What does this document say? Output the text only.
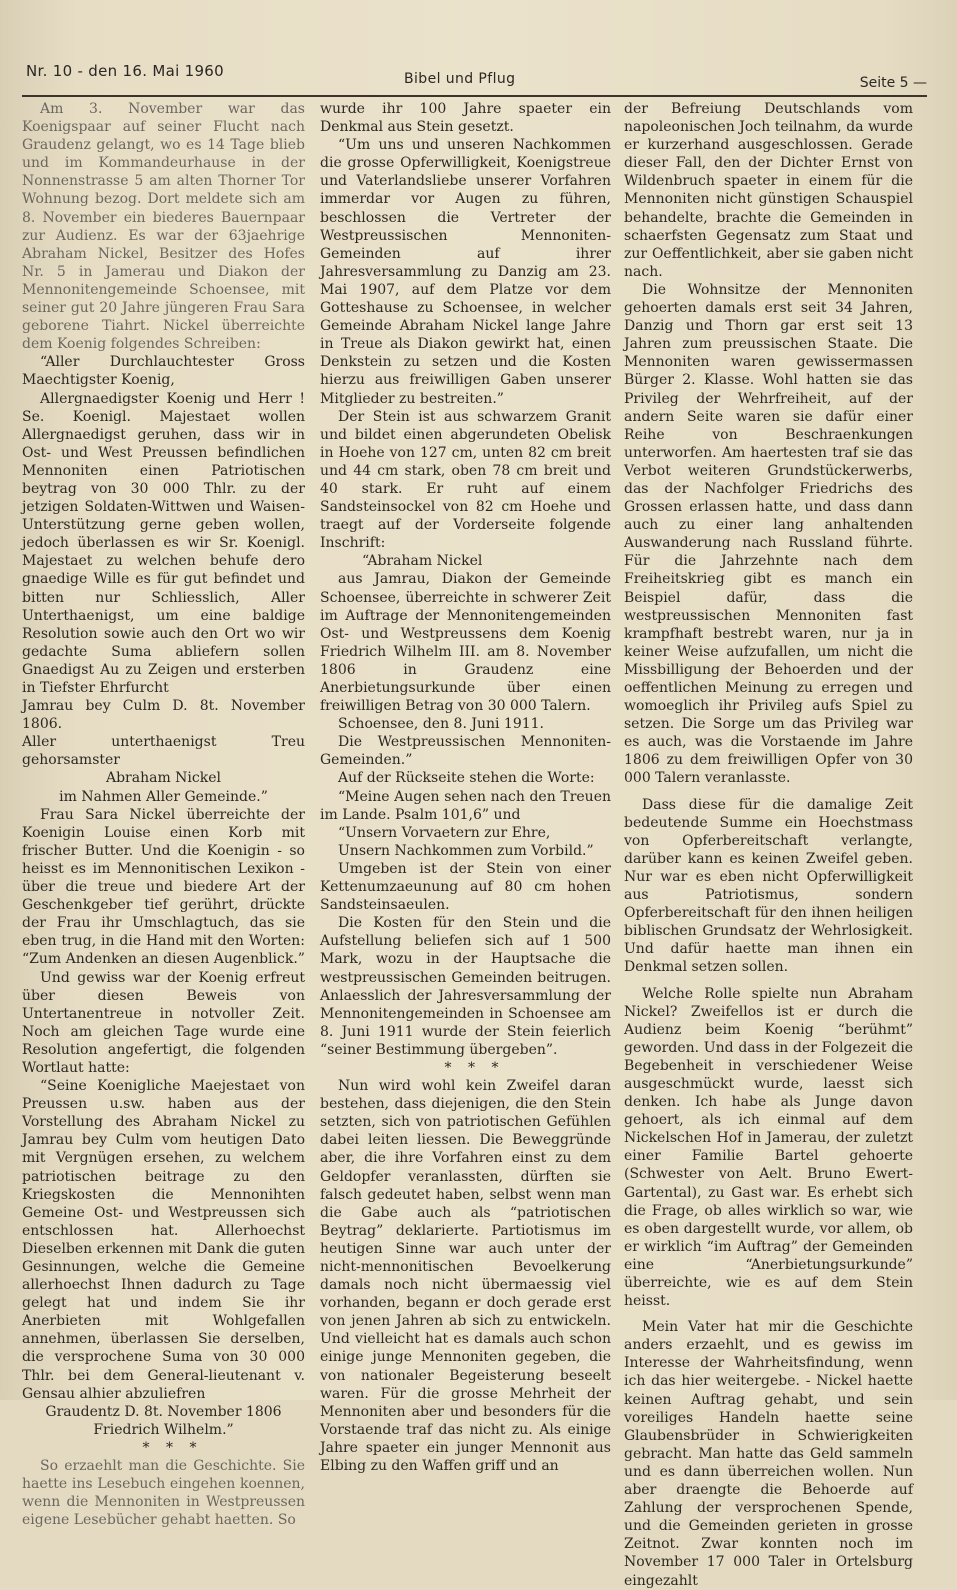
Nr. 10 - den 16. Mai 1960	Bibel und Pflug	Seite 5 —

Am 3. November war das Koenigspaar auf seiner Flucht nach Graudenz gelangt, wo es 14 Tage blieb und im Kommandeurhause in der Nonnenstrasse 5 am alten Thorner Tor Wohnung bezog. Dort meldete sich am 8. November ein biederes Bauernpaar zur Audienz. Es war der 63jaehrige Abraham Nickel, Besitzer des Hofes Nr. 5 in Jamerau und Diakon der Mennonitengemeinde Schoensee, mit seiner gut 20 Jahre jüngeren Frau Sara geborene Tiahrt. Nickel überreichte dem Koenig folgendes Schreiben:

“Aller Durchlauchtester Gross Maechtigster Koenig,

Allergnaedigster Koenig und Herr ! Se. Koenigl. Majestaet wollen Allergnaedigst geruhen, dass wir in Ost- und West Preussen befindlichen Mennoniten einen Patriotischen beytrag von 30 000 Thlr. zu der jetzigen Soldaten-Wittwen und Waisen-Unterstützung gerne geben wollen, jedoch überlassen es wir Sr. Koenigl. Majestaet zu welchen behufe dero gnaedige Wille es für gut befindet und bitten nur Schliesslich, Aller Unterthaenigst, um eine baldige Resolution sowie auch den Ort wo wir gedachte Suma abliefern sollen Gnaedigst Au zu Zeigen und ersterben in Tiefster Ehrfurcht

Jamrau bey Culm D. 8t. November 1806.

Aller unterthaenigst Treu gehorsamster

Abraham Nickel

im Nahmen Aller Gemeinde.”

Frau Sara Nickel überreichte der Koenigin Louise einen Korb mit frischer Butter. Und die Koenigin - so heisst es im Mennonitischen Lexikon - über die treue und biedere Art der Geschenkgeber tief gerührt, drückte der Frau ihr Umschlagtuch, das sie eben trug, in die Hand mit den Worten: “Zum Andenken an diesen Augenblick.”

Und gewiss war der Koenig erfreut über diesen Beweis von Untertanentreue in notvoller Zeit. Noch am gleichen Tage wurde eine Resolution angefertigt, die folgenden Wortlaut hatte:

“Seine Koenigliche Maejestaet von Preussen u.sw. haben aus der Vorstellung des Abraham Nickel zu Jamrau bey Culm vom heutigen Dato mit Vergnügen ersehen, zu welchem patriotischen beitrage zu den Kriegskosten die Mennonihten Gemeine Ost- und Westpreussen sich entschlossen hat. Allerhoechst Dieselben erkennen mit Dank die guten Gesinnungen, welche die Gemeine allerhoechst Ihnen dadurch zu Tage gelegt hat und indem Sie ihr Anerbieten mit Wohlgefallen annehmen, überlassen Sie derselben, die versprochene Suma von 30 000 Thlr. bei dem General-lieutenant v. Gensau alhier abzuliefren

Graudentz D. 8t. November 1806

Friedrich Wilhelm.”

* * *

So erzaehlt man die Geschichte. Sie haette ins Lesebuch eingehen koennen, wenn die Mennoniten in Westpreussen eigene Lesebücher gehabt haetten. So

wurde ihr 100 Jahre spaeter ein Denkmal aus Stein gesetzt.

“Um uns und unseren Nachkommen die grosse Opferwilligkeit, Koenigstreue und Vaterlandsliebe unserer Vorfahren immerdar vor Augen zu führen, beschlossen die Vertreter der Westpreussischen Mennoniten-Gemeinden auf ihrer Jahresversammlung zu Danzig am 23. Mai 1907, auf dem Platze vor dem Gotteshause zu Schoensee, in welcher Gemeinde Abraham Nickel lange Jahre in Treue als Diakon gewirkt hat, einen Denkstein zu setzen und die Kosten hierzu aus freiwilligen Gaben unserer Mitglieder zu bestreiten.”

Der Stein ist aus schwarzem Granit und bildet einen abgerundeten Obelisk in Hoehe von 127 cm, unten 82 cm breit und 44 cm stark, oben 78 cm breit und 40 stark. Er ruht auf einem Sandsteinsockel von 82 cm Hoehe und traegt auf der Vorderseite folgende Inschrift:

“Abraham Nickel

aus Jamrau, Diakon der Gemeinde Schoensee, überreichte in schwerer Zeit im Auftrage der Mennonitengemeinden Ost- und Westpreussens dem Koenig Friedrich Wilhelm III. am 8. November 1806 in Graudenz eine Anerbietungsurkunde über einen freiwilligen Betrag von 30 000 Talern.

Schoensee, den 8. Juni 1911.

Die Westpreussischen Mennoniten-Gemeinden.”

Auf der Rückseite stehen die Worte:

“Meine Augen sehen nach den Treuen im Lande. Psalm 101,6” und

“Unsern Vorvaetern zur Ehre,

Unsern Nachkommen zum Vorbild.”

Umgeben ist der Stein von einer Kettenumzaeunung auf 80 cm hohen Sandsteinsaeulen.

Die Kosten für den Stein und die Aufstellung beliefen sich auf 1 500 Mark, wozu in der Hauptsache die westpreussischen Gemeinden beitrugen. Anlaesslich der Jahresversammlung der Mennonitengemeinden in Schoensee am 8. Juni 1911 wurde der Stein feierlich “seiner Bestimmung übergeben”.

* * *

Nun wird wohl kein Zweifel daran bestehen, dass diejenigen, die den Stein setzten, sich von patriotischen Gefühlen dabei leiten liessen. Die Beweggründe aber, die ihre Vorfahren einst zu dem Geldopfer veranlassten, dürften sie falsch gedeutet haben, selbst wenn man die Gabe auch als “patriotischen Beytrag” deklarierte. Partiotismus im heutigen Sinne war auch unter der nicht-mennonitischen Bevoelkerung damals noch nicht übermaessig viel vorhanden, begann er doch gerade erst von jenen Jahren ab sich zu entwickeln. Und vielleicht hat es damals auch schon einige junge Mennoniten gegeben, die von nationaler Begeisterung beseelt waren. Für die grosse Mehrheit der Mennoniten aber und besonders für die Vorstaende traf das nicht zu. Als einige Jahre spaeter ein junger Mennonit aus Elbing zu den Waffen griff und an

der Befreiung Deutschlands vom napoleonischen Joch teilnahm, da wurde er kurzerhand ausgeschlossen. Gerade dieser Fall, den der Dichter Ernst von Wildenbruch spaeter in einem für die Mennoniten nicht günstigen Schauspiel behandelte, brachte die Gemeinden in schaerfsten Gegensatz zum Staat und zur Oeffentlichkeit, aber sie gaben nicht nach.

Die Wohnsitze der Mennoniten gehoerten damals erst seit 34 Jahren, Danzig und Thorn gar erst seit 13 Jahren zum preussischen Staate. Die Mennoniten waren gewissermassen Bürger 2. Klasse. Wohl hatten sie das Privileg der Wehrfreiheit, auf der andern Seite waren sie dafür einer Reihe von Beschraenkungen unterworfen. Am haertesten traf sie das Verbot weiteren Grundstückerwerbs, das der Nachfolger Friedrichs des Grossen erlassen hatte, und dass dann auch zu einer lang anhaltenden Auswanderung nach Russland führte. Für die Jahrzehnte nach dem Freiheitskrieg gibt es manch ein Beispiel dafür, dass die westpreussischen Mennoniten fast krampfhaft bestrebt waren, nur ja in keiner Weise aufzufallen, um nicht die Missbilligung der Behoerden und der oeffentlichen Meinung zu erregen und womoeglich ihr Privileg aufs Spiel zu setzen. Die Sorge um das Privileg war es auch, was die Vorstaende im Jahre 1806 zu dem freiwilligen Opfer von 30 000 Talern veranlasste.

Dass diese für die damalige Zeit bedeutende Summe ein Hoechstmass von Opferbereitschaft verlangte, darüber kann es keinen Zweifel geben. Nur war es eben nicht Opferwilligkeit aus Patriotismus, sondern Opferbereitschaft für den ihnen heiligen biblischen Grundsatz der Wehrlosigkeit. Und dafür haette man ihnen ein Denkmal setzen sollen.

Welche Rolle spielte nun Abraham Nickel? Zweifellos ist er durch die Audienz beim Koenig “berühmt” geworden. Und dass in der Folgezeit die Begebenheit in verschiedener Weise ausgeschmückt wurde, laesst sich denken. Ich habe als Junge davon gehoert, als ich einmal auf dem Nickelschen Hof in Jamerau, der zuletzt einer Familie Bartel gehoerte (Schwester von Aelt. Bruno Ewert-Gartental), zu Gast war. Es erhebt sich die Frage, ob alles wirklich so war, wie es oben dargestellt wurde, vor allem, ob er wirklich “im Auftrag” der Gemeinden eine “Anerbietungsurkunde” überreichte, wie es auf dem Stein heisst.

Mein Vater hat mir die Geschichte anders erzaehlt, und es gewiss im Interesse der Wahrheitsfindung, wenn ich das hier weitergebe. - Nickel haette keinen Auftrag gehabt, und sein voreiliges Handeln haette seine Glaubensbrüder in Schwierigkeiten gebracht. Man hatte das Geld sammeln und es dann überreichen wollen. Nun aber draengte die Behoerde auf Zahlung der versprochenen Spende, und die Gemeinden gerieten in grosse Zeitnot. Zwar konnten noch im November 17 000 Taler in Ortelsburg eingezahlt
